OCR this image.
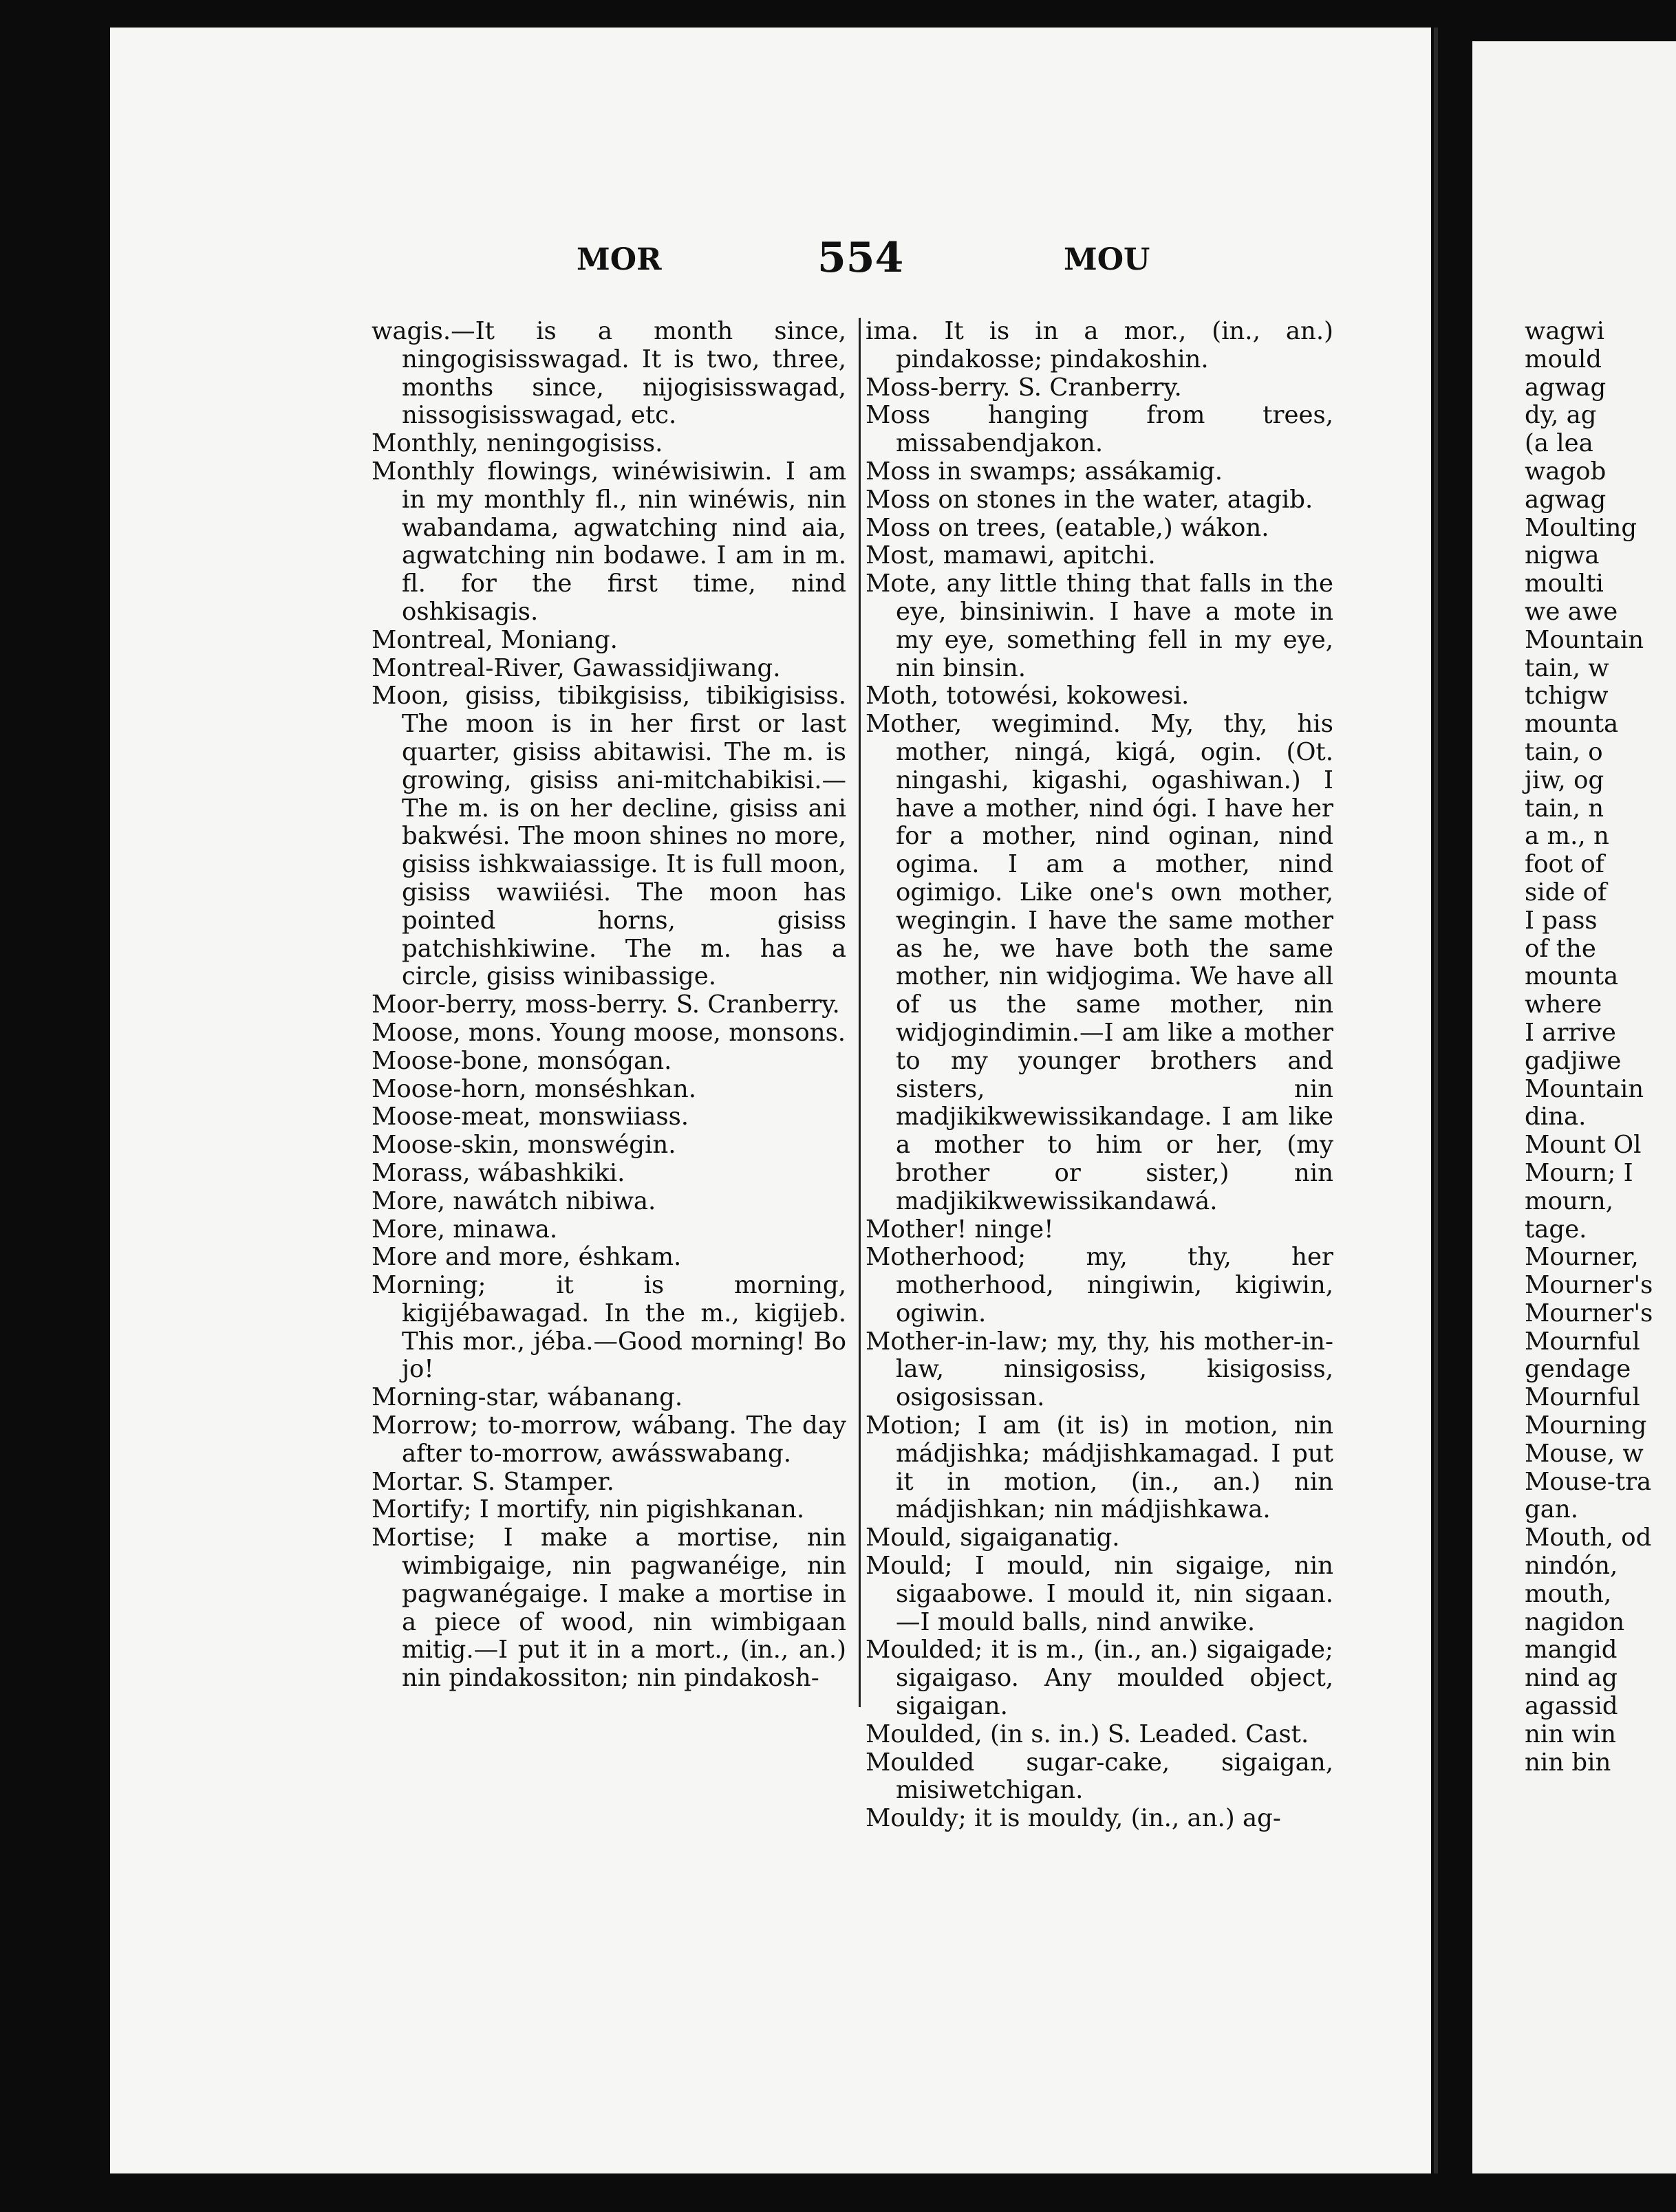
MOR	554	MOU

wagis.—It is a month since, ningogisisswagad. It is two, three, months since, nijogisisswagad, nissogisisswagad, etc.

Monthly, neningogisiss.

Monthly flowings, winéwisiwin. I am in my monthly fl., nin winéwis, nin wabandama, agwatching nind aia, agwatching nin bodawe. I am in m. fl. for the first time, nind oshkisagis.

Montreal, Moniang.

Montreal-River, Gawassidjiwang.

Moon, gisiss, tibikgisiss, tibikigisiss. The moon is in her first or last quarter, gisiss abitawisi. The m. is growing, gisiss ani-mitchabikisi.—The m. is on her decline, gisiss ani bakwési. The moon shines no more, gisiss ishkwaiassige. It is full moon, gisiss wawiiési. The moon has pointed horns, gisiss patchishkiwine. The m. has a circle, gisiss winibassige.

Moor-berry, moss-berry. S. Cranberry.

Moose, mons. Young moose, monsons.

Moose-bone, monsógan.

Moose-horn, monséshkan.

Moose-meat, monswiiass.

Moose-skin, monswégin.

Morass, wábashkiki.

More, nawátch nibiwa.

More, minawa.

More and more, éshkam.

Morning; it is morning, kigijébawagad. In the m., kigijeb. This mor., jéba.—Good morning! Bo jo!

Morning-star, wábanang.

Morrow; to-morrow, wábang. The day after to-morrow, awásswabang.

Mortar. S. Stamper.

Mortify; I mortify, nin pigishkanan.

Mortise; I make a mortise, nin wimbigaige, nin pagwanéige, nin pagwanégaige. I make a mortise in a piece of wood, nin wimbigaan mitig.—I put it in a mort., (in., an.) nin pindakossiton; nin pindakosh-

ima. It is in a mor., (in., an.) pindakosse; pindakoshin.

Moss-berry. S. Cranberry.

Moss hanging from trees, missabendjakon.

Moss in swamps; assákamig.

Moss on stones in the water, atagib.

Moss on trees, (eatable,) wákon.

Most, mamawi, apitchi.

Mote, any little thing that falls in the eye, binsiniwin. I have a mote in my eye, something fell in my eye, nin binsin.

Moth, totowési, kokowesi.

Mother, wegimind. My, thy, his mother, ningá, kigá, ogin. (Ot. ningashi, kigashi, ogashiwan.) I have a mother, nind ógi. I have her for a mother, nind oginan, nind ogima. I am a mother, nind ogimigo. Like one's own mother, wegingin. I have the same mother as he, we have both the same mother, nin widjogima. We have all of us the same mother, nin widjogindimin.—I am like a mother to my younger brothers and sisters, nin madjikikwewissikandage. I am like a mother to him or her, (my brother or sister,) nin madjikikwewissikandawá.

Mother! ninge!

Motherhood; my, thy, her motherhood, ningiwin, kigiwin, ogiwin.

Mother-in-law; my, thy, his mother-in-law, ninsigosiss, kisigosiss, osigosissan.

Motion; I am (it is) in motion, nin mádjishka; mádjishkamagad. I put it in motion, (in., an.) nin mádjishkan; nin mádjishkawa.

Mould, sigaiganatig.

Mould; I mould, nin sigaige, nin sigaabowe. I mould it, nin sigaan.—I mould balls, nind anwike.

Moulded; it is m., (in., an.) sigaigade; sigaigaso. Any moulded object, sigaigan.

Moulded, (in s. in.) S. Leaded. Cast.

Moulded sugar-cake, sigaigan, misiwetchigan.

Mouldy; it is mouldy, (in., an.) ag-

wagwi
mould
agwag
dy, ag
(a lea
wagob
agwag
Moulting
nigwa
moulti
we awe
Mountain
tain, w
tchigw
mounta
tain, o
jiw, og
tain, n
a m., n
foot of
side of
I pass
of the
mounta
where
I arrive
gadjiwe
Mountain
dina.
Mount Ol
Mourn; I
mourn,
tage.
Mourner,
Mourner's
Mourner's
Mournful
gendage
Mournful
Mourning
Mouse, w
Mouse-tra
gan.
Mouth, od
nindón,
mouth,
nagidon
mangid
nind ag
agassid
nin win
nin bin
